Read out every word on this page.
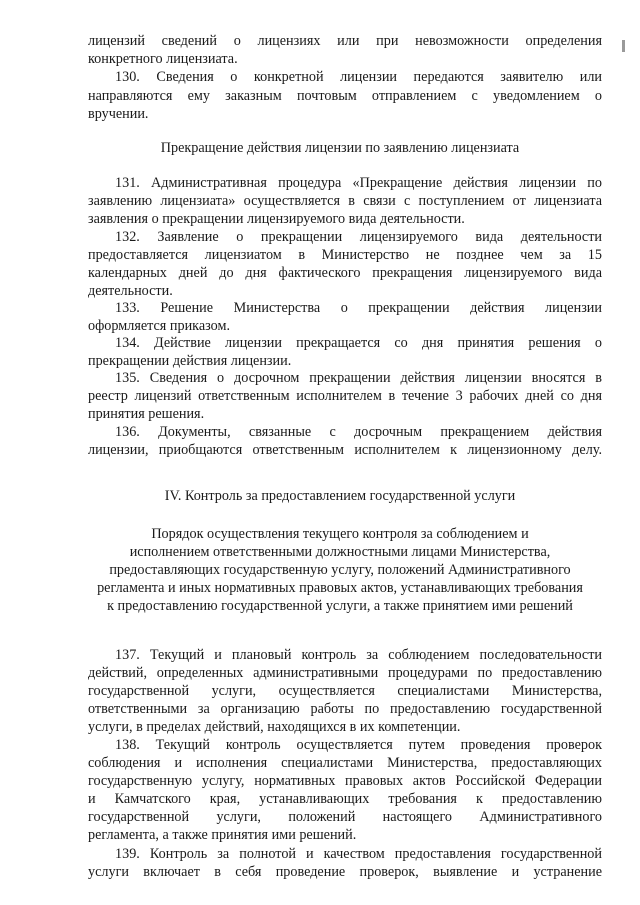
лицензий сведений о лицензиях или при невозможности определения
конкретного лицензиата.
130. Сведения о конкретной лицензии передаются заявителю или
направляются ему заказным почтовым отправлением с уведомлением о
вручении.
Прекращение действия лицензии по заявлению лицензиата
131. Административная процедура «Прекращение действия лицензии по
заявлению лицензиата» осуществляется в связи с поступлением от лицензиата
заявления о прекращении лицензируемого вида деятельности.
132. Заявление о прекращении лицензируемого вида деятельности
предоставляется лицензиатом в Министерство не позднее чем за 15
календарных дней до дня фактического прекращения лицензируемого вида
деятельности.
133. Решение Министерства о прекращении действия лицензии
оформляется приказом.
134. Действие лицензии прекращается со дня принятия решения о
прекращении действия лицензии.
135. Сведения о досрочном прекращении действия лицензии вносятся в
реестр лицензий ответственным исполнителем в течение 3 рабочих дней со дня
принятия решения.
136. Документы, связанные с досрочным прекращением действия
лицензии, приобщаются ответственным исполнителем к лицензионному делу.
IV. Контроль за предоставлением государственной услуги
Порядок осуществления текущего контроля за соблюдением и
исполнением ответственными должностными лицами Министерства,
предоставляющих государственную услугу, положений Административного
регламента и иных нормативных правовых актов, устанавливающих требования
к предоставлению государственной услуги, а также принятием ими решений
137. Текущий и плановый контроль за соблюдением последовательности
действий, определенных административными процедурами по предоставлению
государственной услуги, осуществляется специалистами Министерства,
ответственными за организацию работы по предоставлению государственной
услуги, в пределах действий, находящихся в их компетенции.
138. Текущий контроль осуществляется путем проведения проверок
соблюдения и исполнения специалистами Министерства, предоставляющих
государственную услугу, нормативных правовых актов Российской Федерации
и Камчатского края, устанавливающих требования к предоставлению
государственной услуги, положений настоящего Административного
регламента, а также принятия ими решений.
139. Контроль за полнотой и качеством предоставления государственной
услуги включает в себя проведение проверок, выявление и устранение
